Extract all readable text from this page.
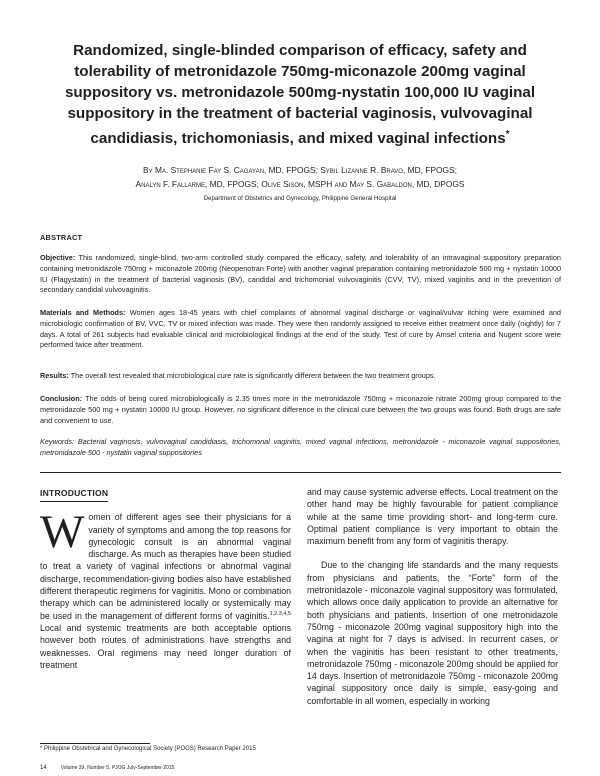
Randomized, single-blinded comparison of efficacy, safety and tolerability of metronidazole 750mg-miconazole 200mg vaginal suppository vs. metronidazole 500mg-nystatin 100,000 IU vaginal suppository in the treatment of bacterial vaginosis, vulvovaginal candidiasis, trichomoniasis, and mixed vaginal infections*
By Ma. Stephanie Fay S. Cagayan, MD, FPOGS; Sybil Lizanne R. Bravo, MD, FPOGS;
Analyn F. Fallarme, MD, FPOGS; Olive Sison, MSPH and May S. Gabaldon, MD, DPOGS
Department of Obstetrics and Gynecology, Philippine General Hospital
ABSTRACT
Objective: This randomized, single-blind, two-arm controlled study compared the efficacy, safety, and tolerability of an intravaginal suppository preparation containing metronidazole 750mg + miconazole 200mg (Neopenotran Forte) with another vaginal preparation containing metronidazole 500 mg + nystatin 10000 IU (Flagystatin) in the treatment of bacterial vaginosis (BV), candidal and trichomonial vulvovaginitis (CVV, TV), mixed vaginitis and in the prevention of secondary candidal vulvovaginitis.
Materials and Methods: Women ages 18-45 years with chief complaints of abnormal vaginal discharge or vaginal/vulvar itching were examined and microbiologic confirmation of BV, VVC, TV or mixed infection was made. They were then randomly assigned to receive either treatment once daily (nightly) for 7 days. A total of 261 subjects had evaluable clinical and microbiological findings at the end of the study. Test of cure by Amsel criteria and Nugent score were performed twice after treatment.
Results: The overall test revealed that microbiological cure rate is significantly different between the two treatment groups.
Conclusion: The odds of being cured microbiologically is 2.35 times more in the metronidazole 750mg + miconazole nitrate 200mg group compared to the metronidazole 500 mg + nystatin 10000 IU group. However, no significant difference in the clinical cure between the two groups was found. Both drugs are safe and convenient to use.
Keywords: Bacterial vaginosis, vulvovaginal candidiasis, trichomonal vaginitis, mixed vaginal infections, metronidazole - miconazole vaginal suppositories, metronidazole 500 - nystatin vaginal suppositories
INTRODUCTION
Women of different ages see their physicians for a variety of symptoms and among the top reasons for gynecologic consult is an abnormal vaginal discharge. As much as therapies have been studied to treat a variety of vaginal infections or abnormal vaginal discharge, recommendation-giving bodies also have established different therapeutic regimens for vaginitis. Mono or combination therapy which can be administered locally or systemically may be used in the management of different forms of vaginitis.$^{1,2,3,4,5}$ Local and systemic treatments are both acceptable options however both routes of administrations have strengths and weaknesses. Oral regimens may need longer duration of treatment

and may cause systemic adverse effects. Local treatment on the other hand may be highly favourable for patient compliance while at the same time providing short- and long-term cure. Optimal patient compliance is very important to obtain the maximum benefit from any form of vaginitis therapy.

Due to the changing life standards and the many requests from physicians and patients, the “Forte” form of the metronidazole - miconazole vaginal suppository was formulated, which allows once daily application to provide an alternative for both physicians and patients. Insertion of one metronidazole 750mg - miconazole 200mg vaginal suppository high into the vagina at night for 7 days is advised. In recurrent cases, or when the vaginitis has been resistant to other treatments, metronidazole 750mg - miconazole 200mg should be applied for 14 days. Insertion of metronidazole 750mg - miconazole 200mg vaginal suppository once daily is simple, easy-going and comfortable in all women, especially in working

* Philippine Obstetrical and Gynecological Society (POGS) Research Paper 2015
14	Volume 39, Number 5, PJOG July-September 2015
